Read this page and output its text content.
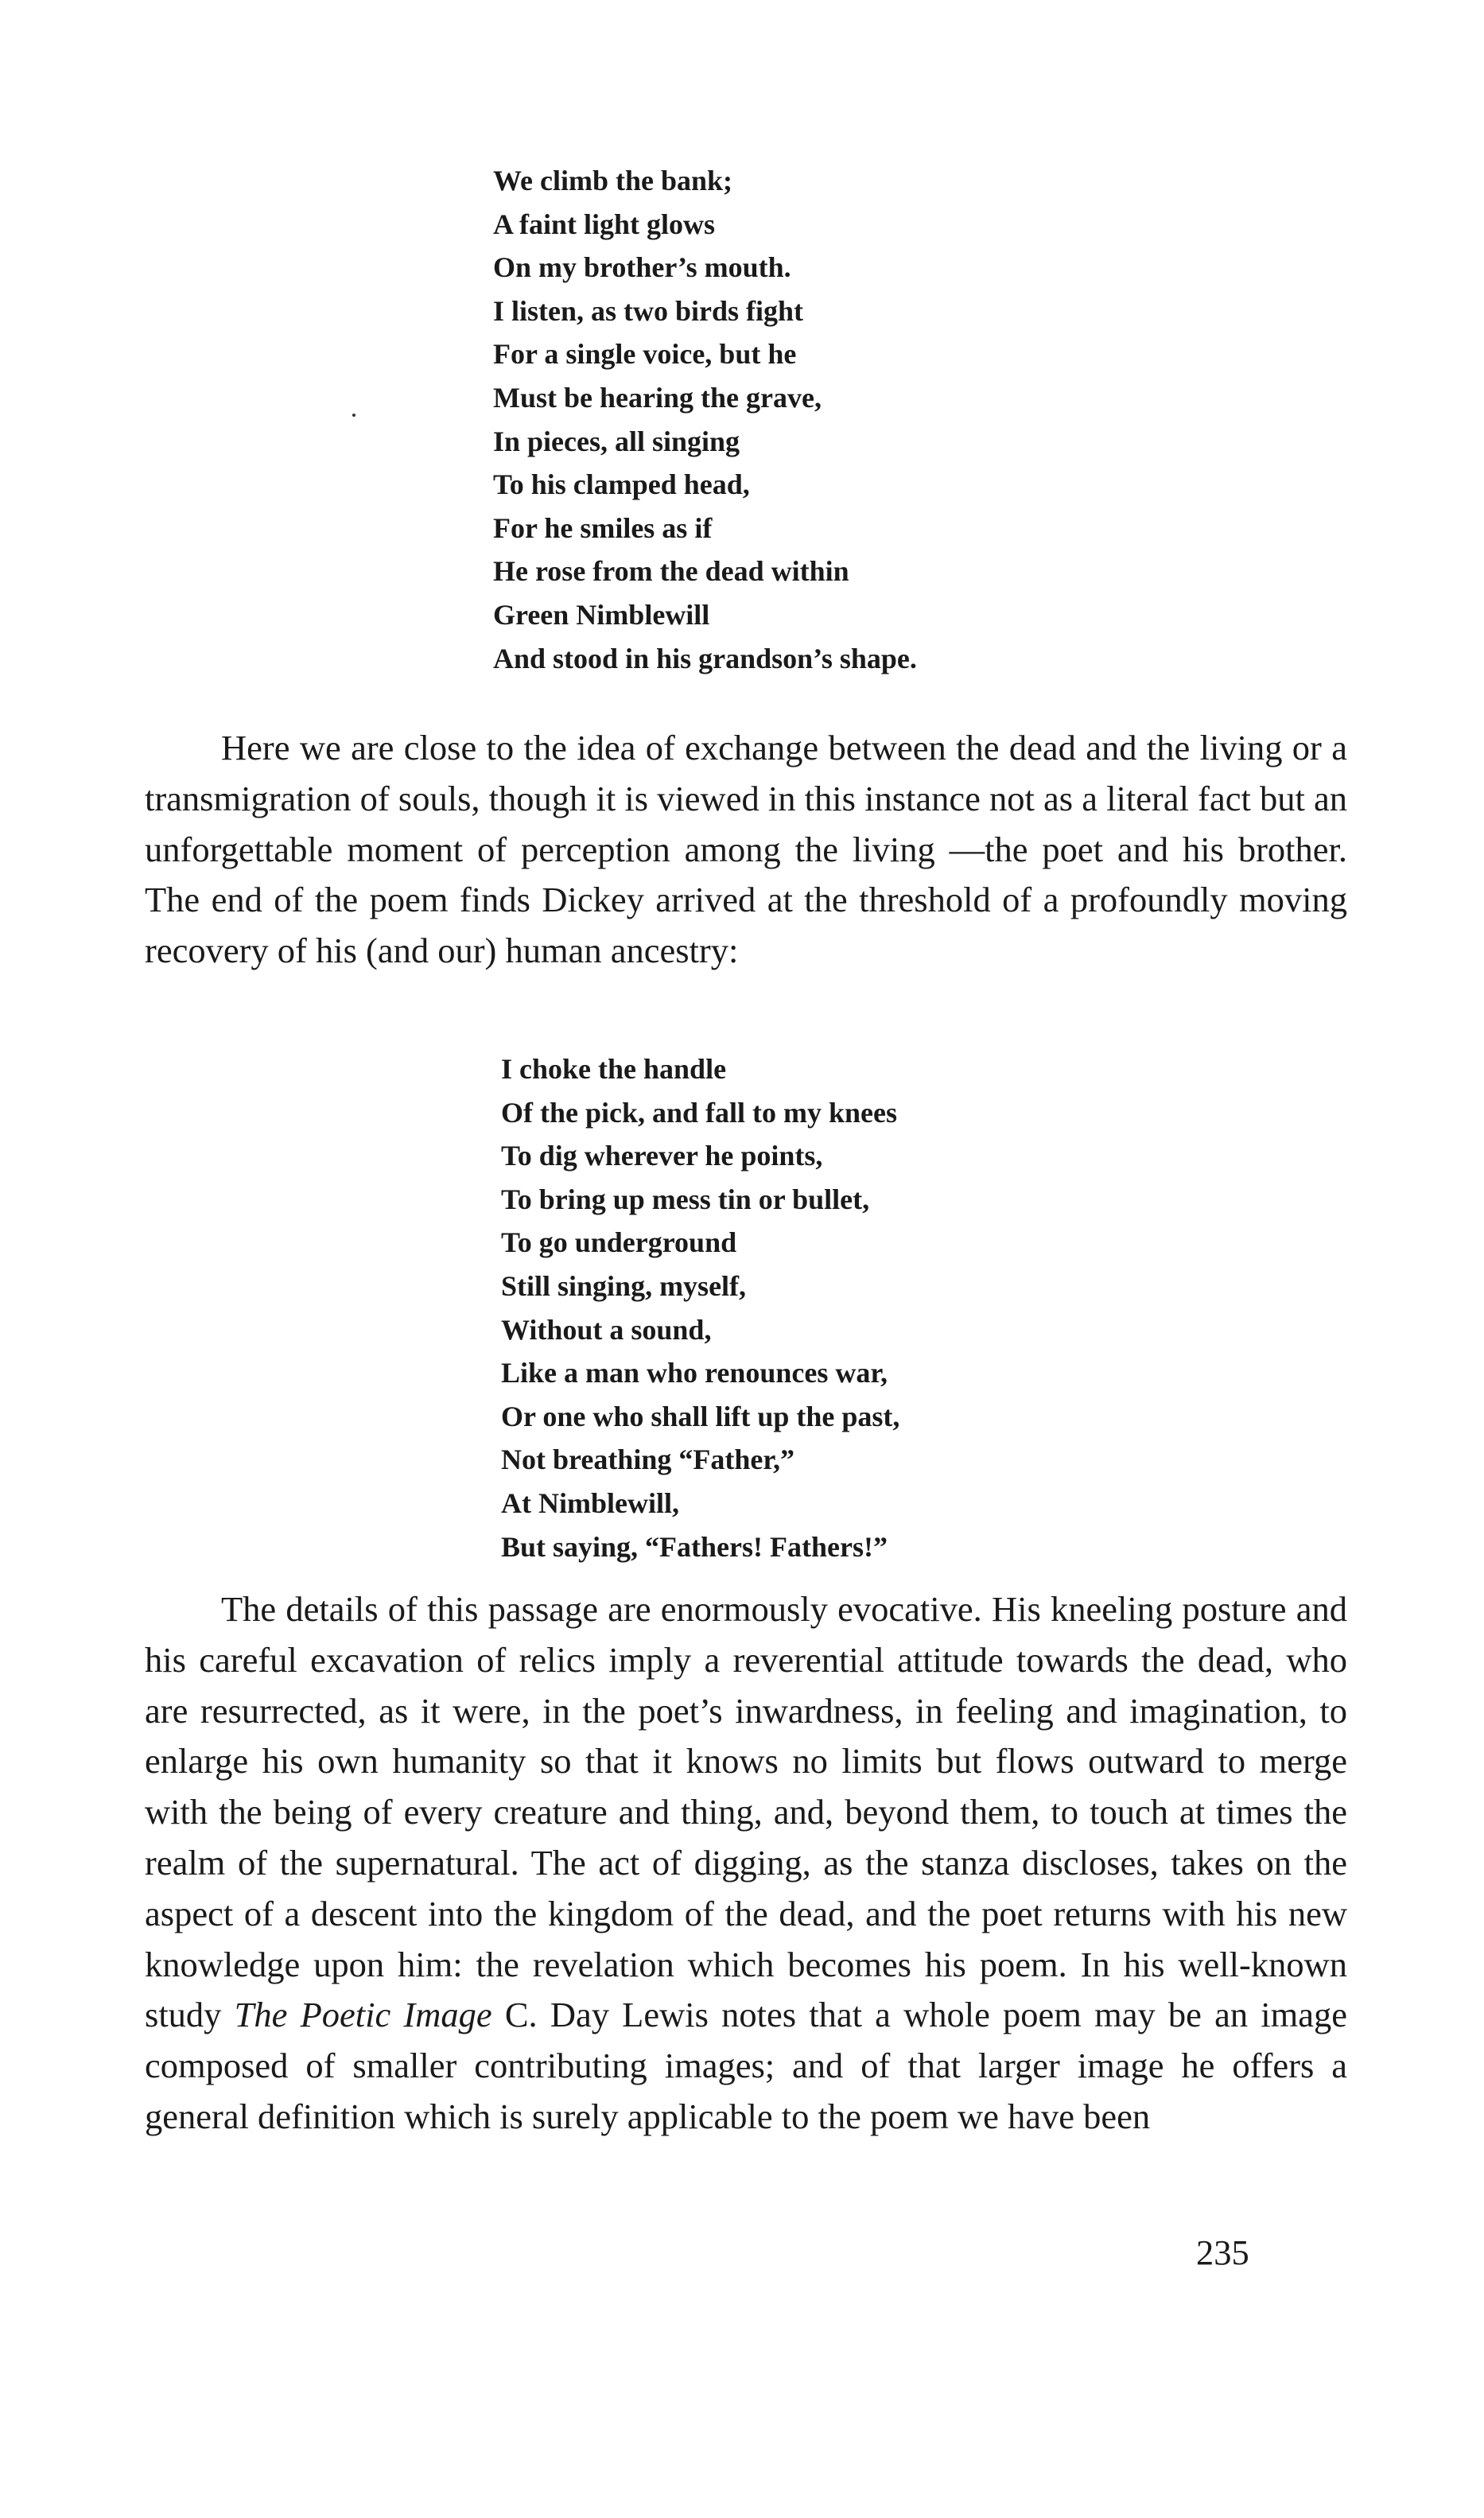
We climb the bank;
A faint light glows
On my brother’s mouth.
I listen, as two birds fight
For a single voice, but he
Must be hearing the grave,
In pieces, all singing
To his clamped head,
For he smiles as if
He rose from the dead within
Green Nimblewill
And stood in his grandson’s shape.

Here we are close to the idea of exchange between the dead and the living or a transmigration of souls, though it is viewed in this instance not as a literal fact but an unforgettable moment of perception among the living —the poet and his brother. The end of the poem finds Dickey arrived at the threshold of a profoundly moving recovery of his (and our) human ancestry:

I choke the handle
Of the pick, and fall to my knees
To dig wherever he points,
To bring up mess tin or bullet,
To go underground
Still singing, myself,
Without a sound,
Like a man who renounces war,
Or one who shall lift up the past,
Not breathing “Father,”
At Nimblewill,
But saying, “Fathers! Fathers!”

The details of this passage are enormously evocative. His kneeling posture and his careful excavation of relics imply a reverential attitude towards the dead, who are resurrected, as it were, in the poet’s inwardness, in feeling and imagination, to enlarge his own humanity so that it knows no limits but flows outward to merge with the being of every creature and thing, and, beyond them, to touch at times the realm of the supernatural. The act of digging, as the stanza discloses, takes on the aspect of a descent into the kingdom of the dead, and the poet returns with his new knowledge upon him: the revelation which becomes his poem. In his well-known study The Poetic Image C. Day Lewis notes that a whole poem may be an image composed of smaller contributing images; and of that larger image he offers a general definition which is surely applicable to the poem we have been

235
